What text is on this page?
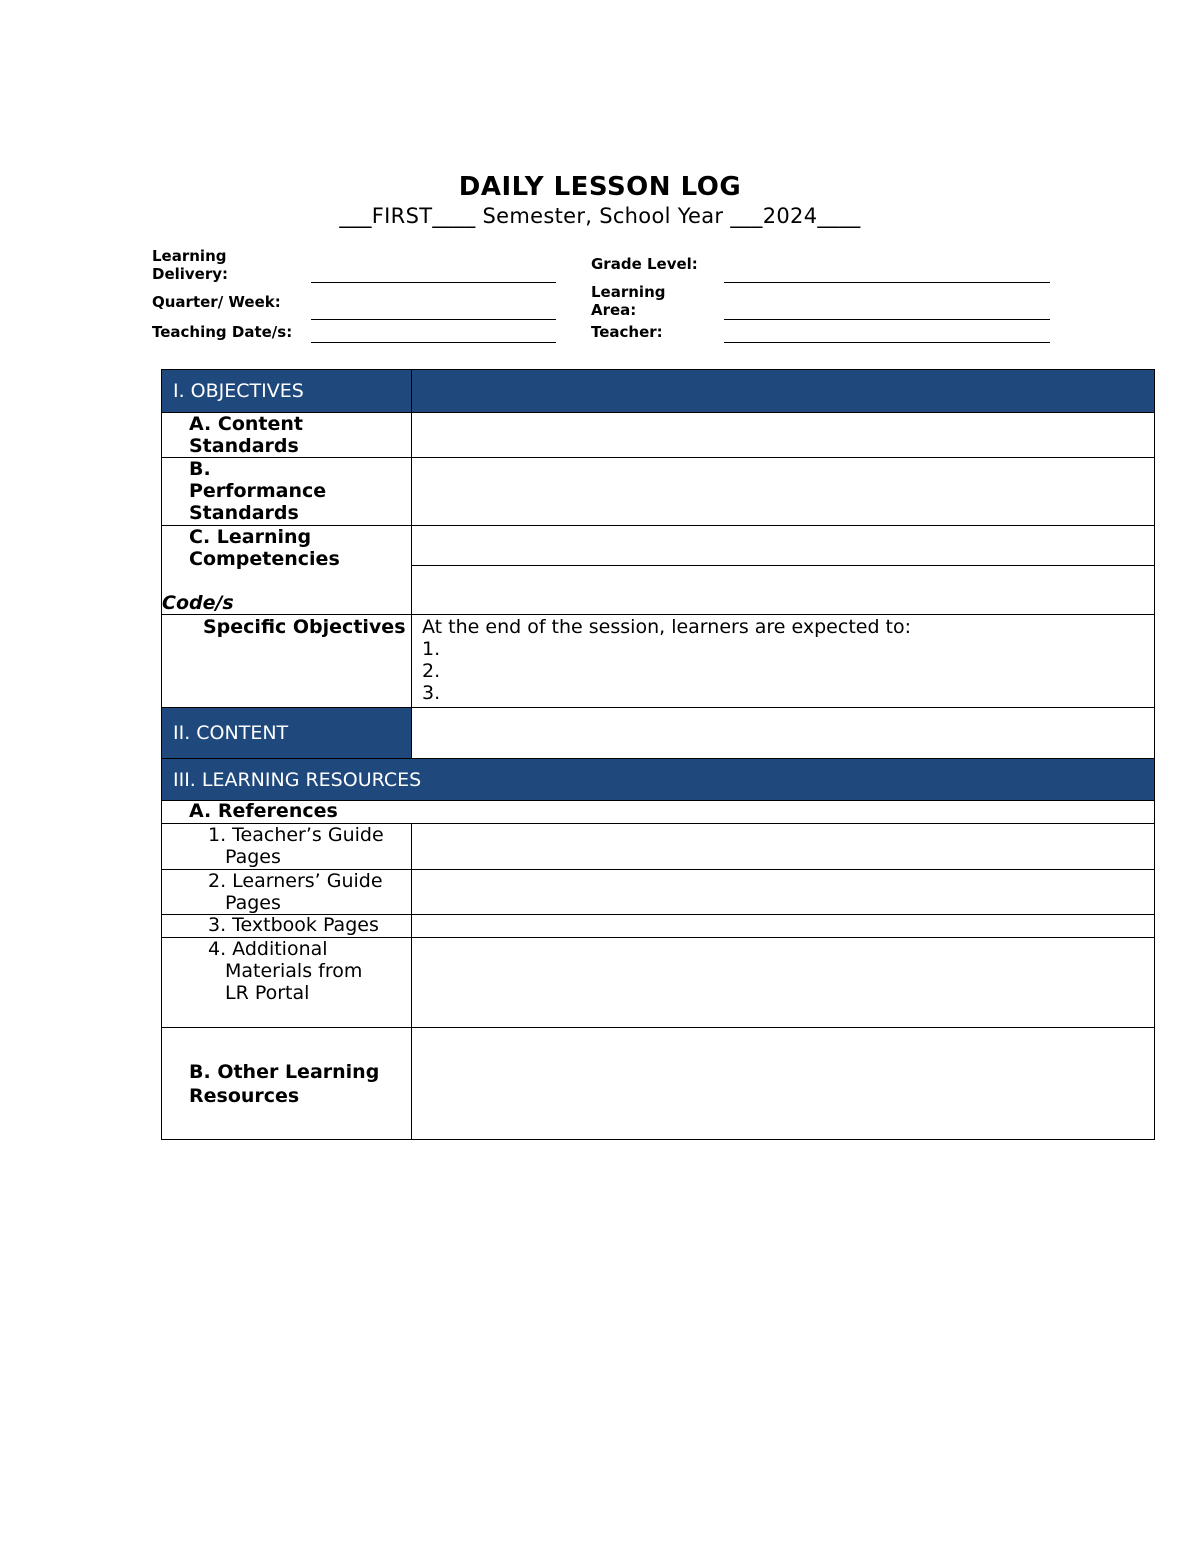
DAILY LESSON LOG
___FIRST____ Semester, School Year ___2024____
Learning Delivery:
Quarter/ Week:
Teaching Date/s:
Grade Level:
Learning Area:
Teacher:
I. OBJECTIVES	
A. Content Standards	
B. Performance Standards	

C. Learning Competencies
Code/s	

Specific Objectives	At the end of the session, learners are expected to:
1.
2.
3.

II. CONTENT	
III. LEARNING RESOURCES	
A. References	
1. Teacher’s Guide Pages	
2. Learners’ Guide Pages	
3. Textbook Pages	
4. Additional Materials from LR Portal	
B. Other Learning Resources	
